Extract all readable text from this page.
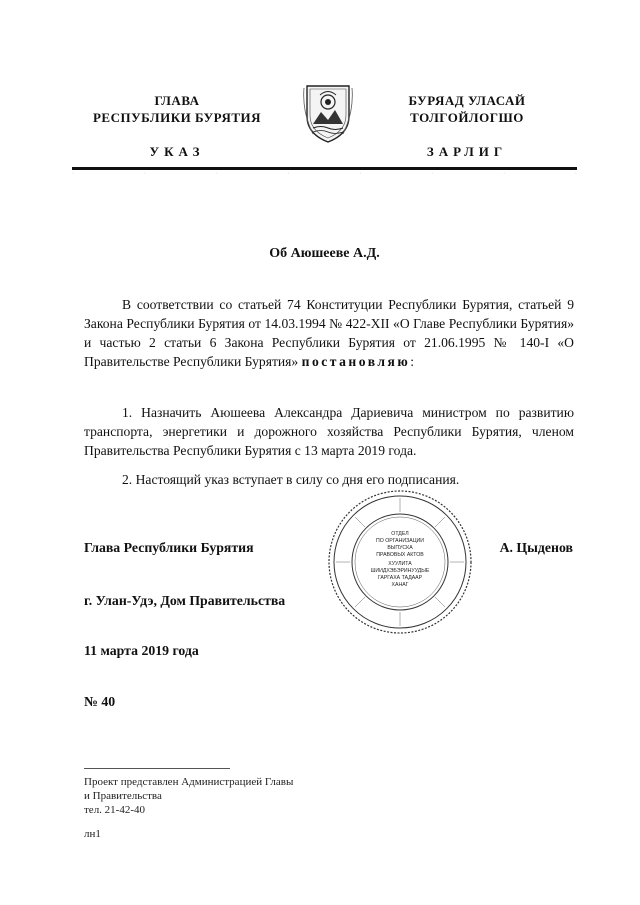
ГЛАВА
РЕСПУБЛИКИ БУРЯТИЯ
БУРЯАД УЛАСАЙ
ТОЛГОЙЛОГШО
УКАЗ	ЗАРЛИГ
·	·	·	·	·	·	·	·
Об Аюшееве А.Д.
В соответствии со статьей 74 Конституции Республики Бурятия, статьей 9 Закона Республики Бурятия от 14.03.1994 № 422-XII «О Главе Республики Бурятия» и частью 2 статьи 6 Закона Республики Бурятия от 21.06.1995 № 140-I «О Правительстве Республики Бурятия» постановляю:
1. Назначить Аюшеева Александра Дариевича министром по развитию транспорта, энергетики и дорожного хозяйства Республики Бурятия, членом Правительства Республики Бурятия с 13 марта 2019 года.
2. Настоящий указ вступает в силу со дня его подписания.
ОТДЕЛ
ПО ОРГАНИЗАЦИИ
ВЫПУСКА
ПРАВОВЫХ АКТОВ
ХУУЛИТА
ШИИДХЭБЭРИНУУДЫЕ
ГАРГАХА ТАДААР
ХАНАГ
Глава Республики Бурятия	А. Цыденов
г. Улан-Удэ, Дом Правительства
11 марта 2019 года
№ 40
Проект представлен Администрацией Главы
и Правительства
тел. 21-42-40
лн1
